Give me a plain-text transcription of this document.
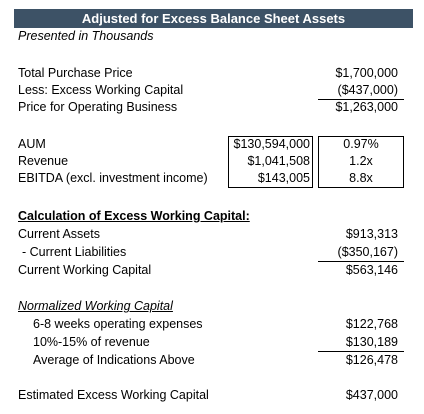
Adjusted for Excess Balance Sheet Assets
Presented in Thousands
Total Purchase Price	$1,700,000
Less: Excess Working Capital	($437,000)
Price for Operating Business	$1,263,000
AUM	$130,594,000	0.97%
Revenue	$1,041,508	1.2x
EBITDA (excl. investment income)	$143,005	8.8x
Calculation of Excess Working Capital:
Current Assets	$913,313
- Current Liabilities	($350,167)
Current Working Capital	$563,146
Normalized Working Capital
6-8 weeks operating expenses	$122,768
10%-15% of revenue	$130,189
Average of Indications Above	$126,478
Estimated Excess Working Capital	$437,000
